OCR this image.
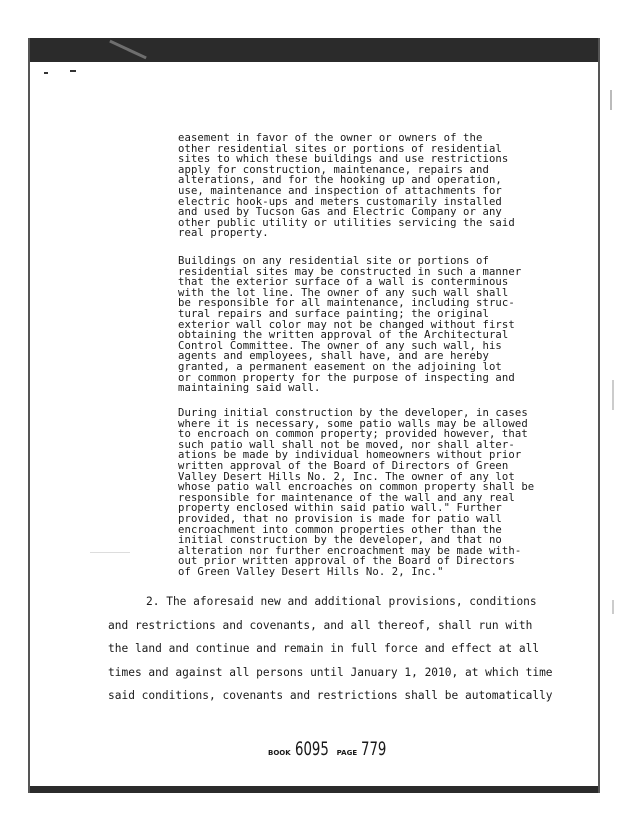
easement in favor of the owner or owners of the
other residential sites or portions of residential
sites to which these buildings and use restrictions
apply for construction, maintenance, repairs and
alterations, and for the hooking up and operation,
use, maintenance and inspection of attachments for
electric hook-ups and meters customarily installed
and used by Tucson Gas and Electric Company or any
other public utility or utilities servicing the said
real property.
Buildings on any residential site or portions of
residential sites may be constructed in such a manner
that the exterior surface of a wall is conterminous
with the lot line. The owner of any such wall shall
be responsible for all maintenance, including struc-
tural repairs and surface painting; the original
exterior wall color may not be changed without first
obtaining the written approval of the Architectural
Control Committee. The owner of any such wall, his
agents and employees, shall have, and are hereby
granted, a permanent easement on the adjoining lot
or common property for the purpose of inspecting and
maintaining said wall.
During initial construction by the developer, in cases
where it is necessary, some patio walls may be allowed
to encroach on common property; provided however, that
such patio wall shall not be moved, nor shall alter-
ations be made by individual homeowners without prior
written approval of the Board of Directors of Green
Valley Desert Hills No. 2, Inc. The owner of any lot
whose patio wall encroaches on common property shall be
responsible for maintenance of the wall and any real
property enclosed within said patio wall." Further
provided, that no provision is made for patio wall
encroachment into common properties other than the
initial construction by the developer, and that no
alteration nor further encroachment may be made with-
out prior written approval of the Board of Directors
of Green Valley Desert Hills No. 2, Inc."
2. The aforesaid new and additional provisions, conditions
and restrictions and covenants, and all thereof, shall run with
the land and continue and remain in full force and effect at all
times and against all persons until January 1, 2010, at which time
said conditions, covenants and restrictions shall be automatically
BOOK 6095 PAGE 779
